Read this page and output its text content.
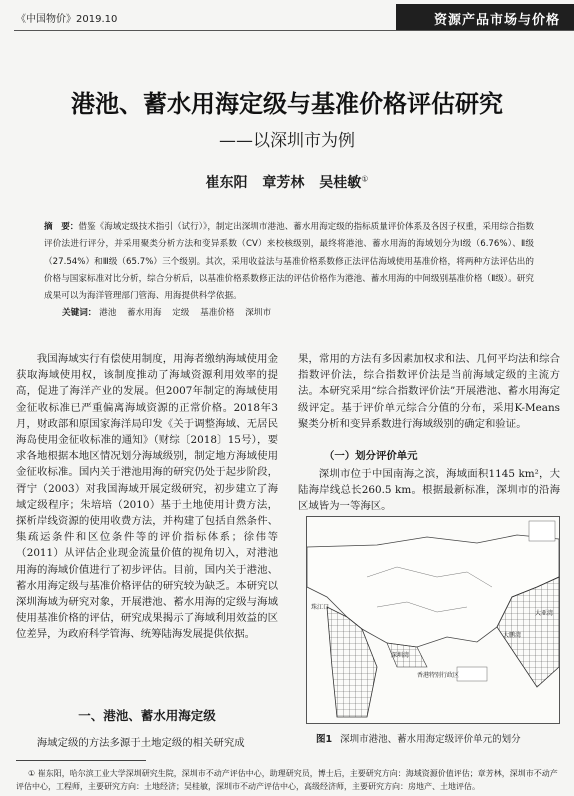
《中国物价》2019.10	资源产品市场与价格
港池、蓄水用海定级与基准价格评估研究
——以深圳市为例
崔东阳 章芳林 吴桂敏①
摘　要：借鉴《海域定级技术指引（试行）》，制定出深圳市港池、蓄水用海定级的指标质量评价体系及各因子权重，采用综合指数评价法进行评分，并采用聚类分析方法和变异系数（CV）来校核级别，最终将港池、蓄水用海的海域划分为Ⅰ级（6.76%）、Ⅱ级（27.54%）和Ⅲ级（65.7%）三个级别。其次，采用收益法与基准价格系数修正法评估海域使用基准价格，将两种方法评估出的价格与国家标准对比分析，综合分析后，以基准价格系数修正法的评估价格作为港池、蓄水用海的中间级别基准价格（Ⅱ级）。研究成果可以为海洋管理部门管海、用海提供科学依据。
关键词： 港池 蓄水用海 定级 基准价格 深圳市

我国海域实行有偿使用制度，用海者缴纳海域使用金获取海域使用权，该制度推动了海域资源利用效率的提高，促进了海洋产业的发展。但2007年制定的海域使用金征收标准已严重偏离海域资源的正常价格。2018年3月，财政部和原国家海洋局印发《关于调整海域、无居民海岛使用金征收标准的通知》（财综〔2018〕15号），要求各地根据本地区情况划分海域级别，制定地方海域使用金征收标准。国内关于港池用海的研究仍处于起步阶段，胥宁（2003）对我国海域开展定级研究，初步建立了海域定级程序；朱培培（2010）基于土地使用计费方法，探析岸线资源的使用收费方法，并构建了包括自然条件、集疏运条件和区位条件等的评价指标体系；徐伟等（2011）从评估企业现金流量价值的视角切入，对港池用海的海域价值进行了初步评估。目前，国内关于港池、蓄水用海定级与基准价格评估的研究较为缺乏。本研究以深圳海域为研究对象，开展港池、蓄水用海的定级与海域使用基准价格的评估，研究成果揭示了海域利用效益的区位差异，为政府科学管海、统筹陆海发展提供依据。

一、港池、蓄水用海定级
海域定级的方法多源于土地定级的相关研究成

果，常用的方法有多因素加权求和法、几何平均法和综合指数评价法，综合指数评价法是当前海域定级的主流方法。本研究采用“综合指数评价法”开展港池、蓄水用海定级评定。基于评价单元综合分值的分布，采用K-Means聚类分析和变异系数进行海域级别的确定和验证。

（一）划分评价单元

深圳市位于中国南海之滨，海域面积1145 km²，大陆海岸线总长260.5 km。根据最新标准，深圳市的沿海区域皆为一等海区。

珠江口
大亚湾
大鹏湾
深圳湾
香港特别行政区
图1 深圳市港池、蓄水用海定级评价单元的划分
① 崔东阳，哈尔滨工业大学深圳研究生院，深圳市不动产评估中心，助理研究员，博士后，主要研究方向：海域资源价值评估；章芳林，深圳市不动产评估中心，工程师，主要研究方向：土地经济；吴桂敏，深圳市不动产评估中心，高级经济师，主要研究方向：房地产、土地评估。
